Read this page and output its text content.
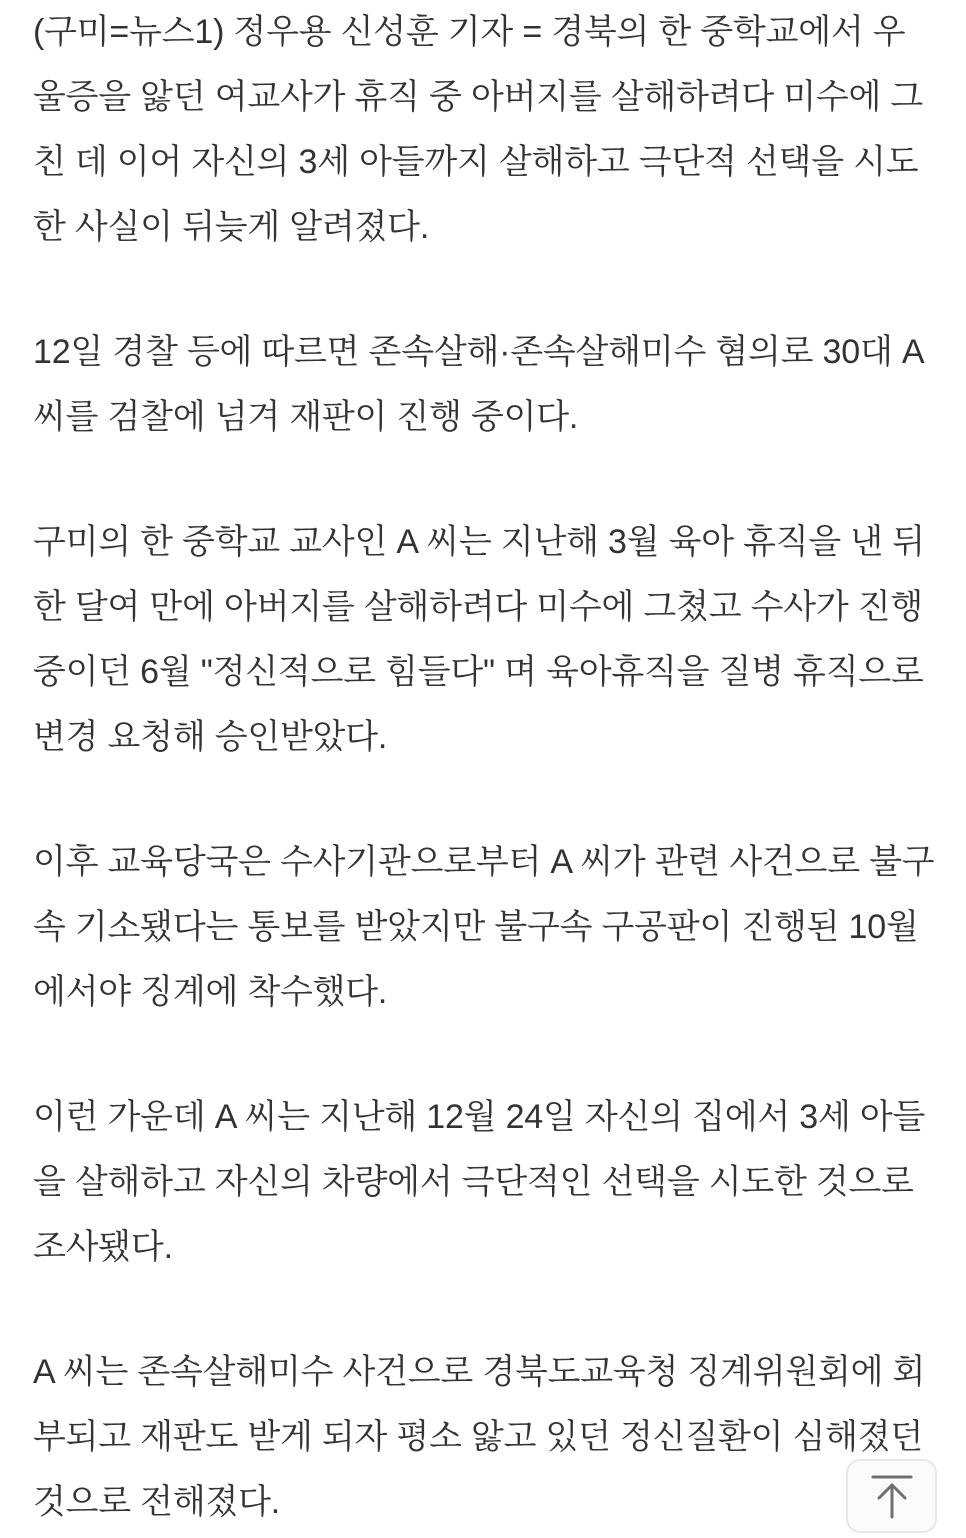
(구미=뉴스1) 정우용 신성훈 기자 = 경북의 한 중학교에서 우울증을 앓던 여교사가 휴직 중 아버지를 살해하려다 미수에 그친 데 이어 자신의 3세 아들까지 살해하고 극단적 선택을 시도한 사실이 뒤늦게 알려졌다.

12일 경찰 등에 따르면 존속살해·존속살해미수 혐의로 30대 A 씨를 검찰에 넘겨 재판이 진행 중이다.

구미의 한 중학교 교사인 A 씨는 지난해 3월 육아 휴직을 낸 뒤 한 달여 만에 아버지를 살해하려다 미수에 그쳤고 수사가 진행 중이던 6월 "정신적으로 힘들다" 며 육아휴직을 질병 휴직으로 변경 요청해 승인받았다.

이후 교육당국은 수사기관으로부터 A 씨가 관련 사건으로 불구속 기소됐다는 통보를 받았지만 불구속 구공판이 진행된 10월에서야 징계에 착수했다.

이런 가운데 A 씨는 지난해 12월 24일 자신의 집에서 3세 아들을 살해하고 자신의 차량에서 극단적인 선택을 시도한 것으로 조사됐다.

A 씨는 존속살해미수 사건으로 경북도교육청 징계위원회에 회부되고 재판도 받게 되자 평소 앓고 있던 정신질환이 심해졌던 것으로 전해졌다.
